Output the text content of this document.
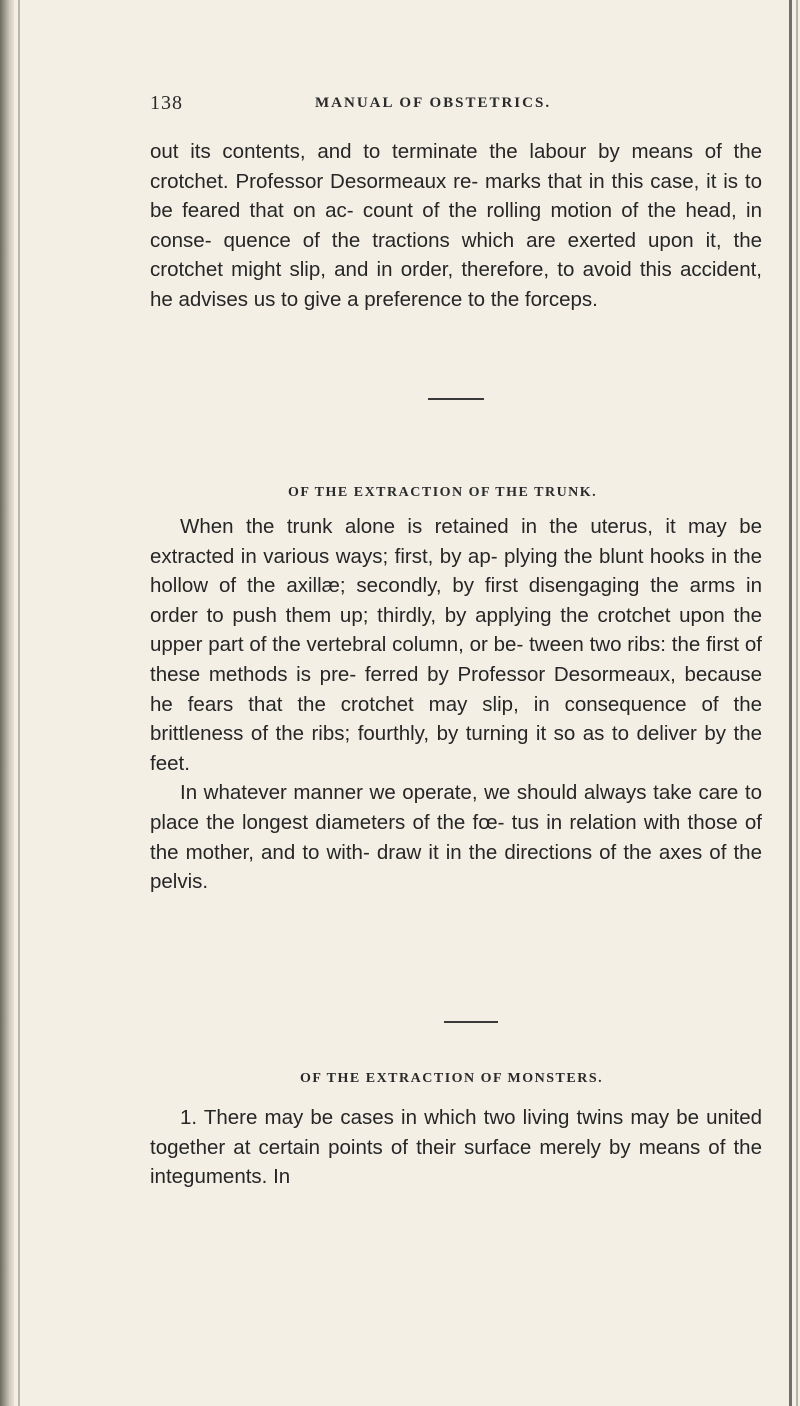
138	MANUAL OF OBSTETRICS.

out its contents, and to terminate the labour by means of the crotchet. Professor Desormeaux re- marks that in this case, it is to be feared that on ac- count of the rolling motion of the head, in conse- quence of the tractions which are exerted upon it, the crotchet might slip, and in order, therefore, to avoid this accident, he advises us to give a preference to the forceps.

OF THE EXTRACTION OF THE TRUNK.

When the trunk alone is retained in the uterus, it may be extracted in various ways; first, by ap- plying the blunt hooks in the hollow of the axillæ; secondly, by first disengaging the arms in order to push them up; thirdly, by applying the crotchet upon the upper part of the vertebral column, or be- tween two ribs: the first of these methods is pre- ferred by Professor Desormeaux, because he fears that the crotchet may slip, in consequence of the brittleness of the ribs; fourthly, by turning it so as to deliver by the feet.

In whatever manner we operate, we should always take care to place the longest diameters of the fœ- tus in relation with those of the mother, and to with- draw it in the directions of the axes of the pelvis.

OF THE EXTRACTION OF MONSTERS.

1. There may be cases in which two living twins may be united together at certain points of their surface merely by means of the integuments. In
